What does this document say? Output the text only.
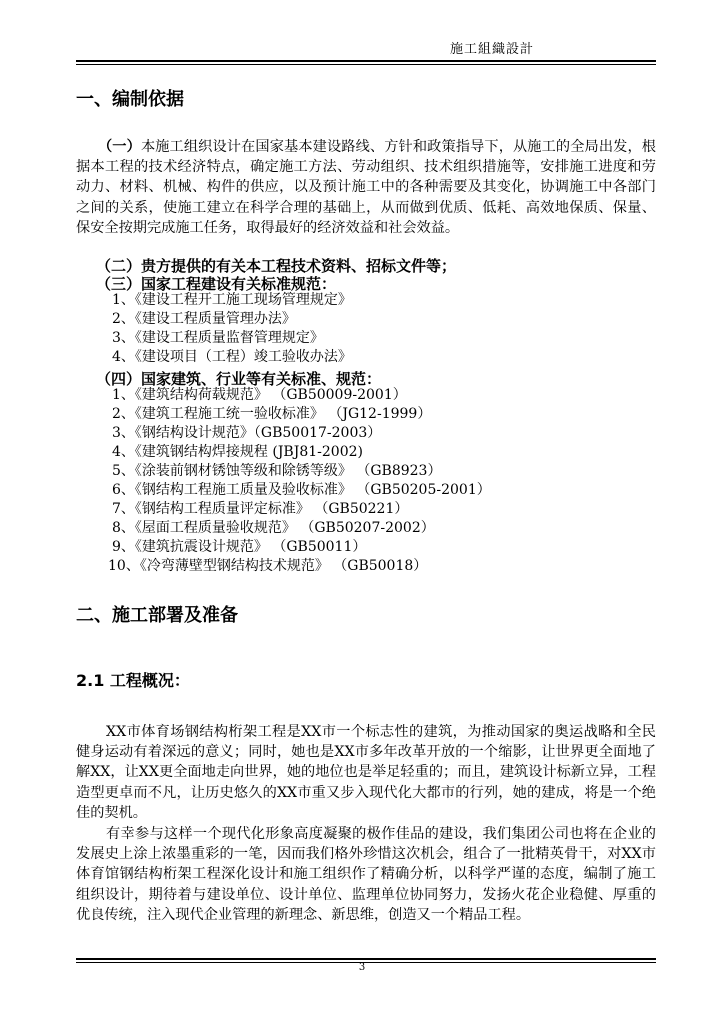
施工組織設計
一、编制依据
（一）本施工组织设计在国家基本建设路线、方针和政策指导下，从施工的全局出发，根据本工程的技术经济特点，确定施工方法、劳动组织、技术组织措施等，安排施工进度和劳动力、材料、机械、构件的供应，以及预计施工中的各种需要及其变化，协调施工中各部门之间的关系，使施工建立在科学合理的基础上，从而做到优质、低耗、高效地保质、保量、保安全按期完成施工任务，取得最好的经济效益和社会效益。
（二）贵方提供的有关本工程技术资料、招标文件等；
（三）国家工程建设有关标准规范：
1、《建设工程开工施工现场管理规定》
2、《建设工程质量管理办法》
3、《建设工程质量监督管理规定》
4、《建设项目（工程）竣工验收办法》
（四）国家建筑、行业等有关标准、规范：
1、《建筑结构荷载规范》 （GB50009-2001）
2、《建筑工程施工统一验收标准》 （JG12-1999）
3、《钢结构设计规范》（GB50017-2003）
4、《建筑钢结构焊接规程 (JBJ81-2002)
5、《涂装前钢材锈蚀等级和除锈等级》 （GB8923）
6、《钢结构工程施工质量及验收标准》 （GB50205-2001）
7、《钢结构工程质量评定标准》 （GB50221）
8、《屋面工程质量验收规范》 （GB50207-2002）
9、《建筑抗震设计规范》 （GB50011）
10、《冷弯薄壁型钢结构技术规范》 （GB50018）
二、施工部署及准备
2.1 工程概况：
XX市体育场钢结构桁架工程是XX市一个标志性的建筑，为推动国家的奥运战略和全民健身运动有着深远的意义；同时，她也是XX市多年改革开放的一个缩影，让世界更全面地了解XX，让XX更全面地走向世界，她的地位也是举足轻重的；而且，建筑设计标新立异，工程造型更卓而不凡，让历史悠久的XX市重又步入现代化大都市的行列，她的建成，将是一个绝佳的契机。
有幸参与这样一个现代化形象高度凝聚的极作佳品的建设，我们集团公司也将在企业的发展史上涂上浓墨重彩的一笔，因而我们格外珍惜这次机会，组合了一批精英骨干，对XX市体育馆钢结构桁架工程深化设计和施工组织作了精确分析，以科学严谨的态度，编制了施工组织设计，期待着与建设单位、设计单位、监理单位协同努力，发扬火花企业稳健、厚重的优良传统，注入现代企业管理的新理念、新思维，创造又一个精品工程。
3
